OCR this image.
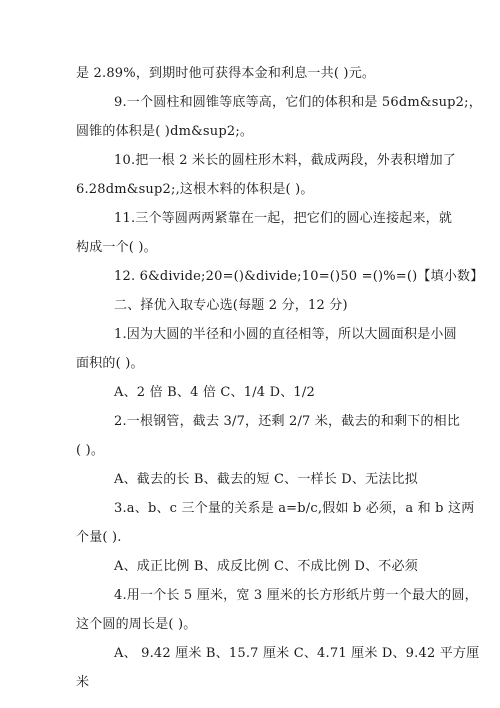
是 2.89%，到期时他可获得本金和利息一共( )元。
9.一个圆柱和圆锥等底等高，它们的体积和是 56dm&sup2;，
圆锥的体积是( )dm&sup2;。
10.把一根 2 米长的圆柱形木料，截成两段，外表积增加了
6.28dm&sup2;,这根木料的体积是( )。
11.三个等圆两两紧靠在一起，把它们的圆心连接起来，就
构成一个( )。
12. 6&divide;20=()&divide;10=()50 =()%=()【填小数】
二、择优入取专心选(每题 2 分，12 分)
1.因为大圆的半径和小圆的直径相等，所以大圆面积是小圆
面积的( )。
A、2 倍 B、4 倍 C、1/4 D、1/2
2.一根钢管，截去 3/7，还剩 2/7 米，截去的和剩下的相比
( )。
A、截去的长 B、截去的短 C、一样长 D、无法比拟
3.a、b、c 三个量的关系是 a=b/c,假如 b 必须，a 和 b 这两
个量( ).
A、成正比例 B、成反比例 C、不成比例 D、不必须
4.用一个长 5 厘米，宽 3 厘米的长方形纸片剪一个最大的圆，
这个圆的周长是( )。
A、 9.42 厘米 B、15.7 厘米 C、4.71 厘米 D、9.42 平方厘
米
